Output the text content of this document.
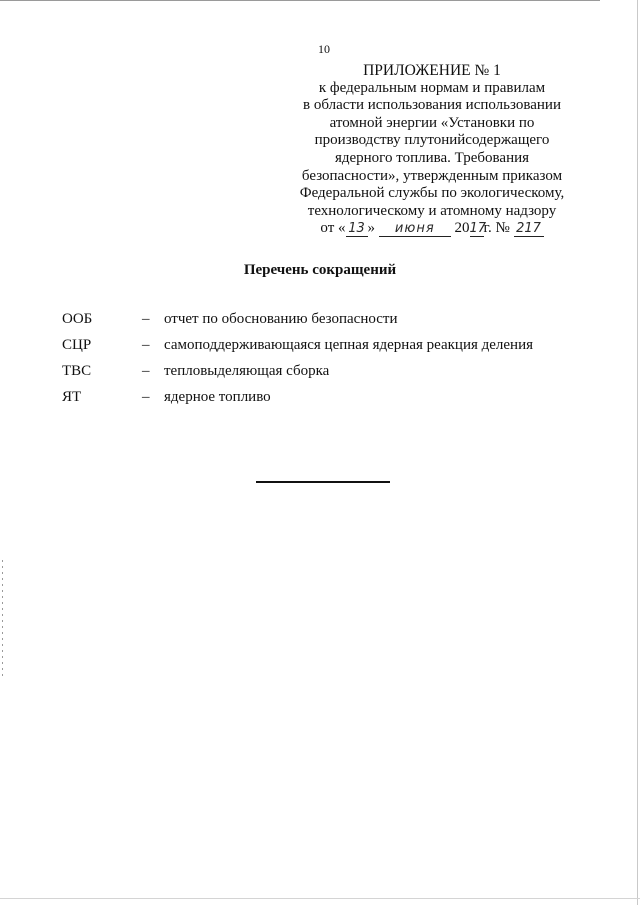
10
ПРИЛОЖЕНИЕ № 1
к федеральным нормам и правилам
в области использования использовании
атомной энергии «Установки по
производству плутонийсодержащего
ядерного топлива. Требования
безопасности», утвержденным приказом
Федеральной службы по экологическому,
технологическому и атомному надзору
от « 13 » июня 2017г. № 217
Перечень сокращений
ООБ	– отчет по обоснованию безопасности
СЦР	– самоподдерживающаяся цепная ядерная реакция деления
ТВС	– тепловыделяющая сборка
ЯТ	– ядерное топливо
